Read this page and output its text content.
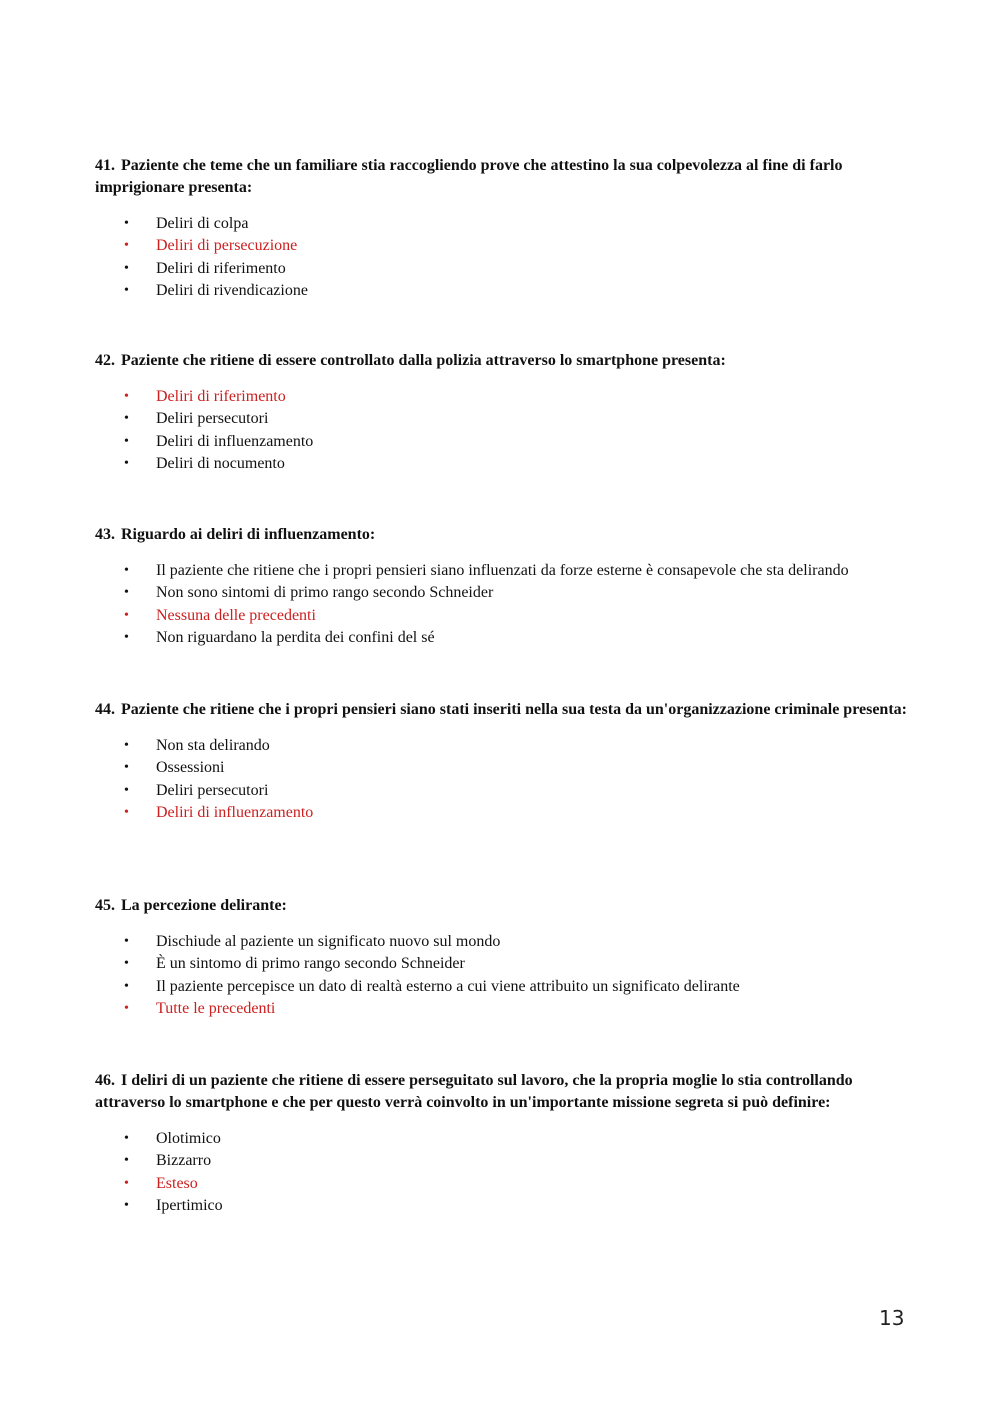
41. Paziente che teme che un familiare stia raccogliendo prove che attestino la sua colpevolezza al fine di farlo imprigionare presenta:

• Deliri di colpa
• Deliri di persecuzione
• Deliri di riferimento
• Deliri di rivendicazione

42. Paziente che ritiene di essere controllato dalla polizia attraverso lo smartphone presenta:

• Deliri di riferimento
• Deliri persecutori
• Deliri di influenzamento
• Deliri di nocumento

43. Riguardo ai deliri di influenzamento:

• Il paziente che ritiene che i propri pensieri siano influenzati da forze esterne è consapevole che sta delirando
• Non sono sintomi di primo rango secondo Schneider
• Nessuna delle precedenti
• Non riguardano la perdita dei confini del sé

44. Paziente che ritiene che i propri pensieri siano stati inseriti nella sua testa da un'organizzazione criminale presenta:

• Non sta delirando
• Ossessioni
• Deliri persecutori
• Deliri di influenzamento

45. La percezione delirante:

• Dischiude al paziente un significato nuovo sul mondo
• È un sintomo di primo rango secondo Schneider
• Il paziente percepisce un dato di realtà esterno a cui viene attribuito un significato delirante
• Tutte le precedenti

46. I deliri di un paziente che ritiene di essere perseguitato sul lavoro, che la propria moglie lo stia controllando attraverso lo smartphone e che per questo verrà coinvolto in un'importante missione segreta si può definire:

• Olotimico
• Bizzarro
• Esteso
• Ipertimico
13
